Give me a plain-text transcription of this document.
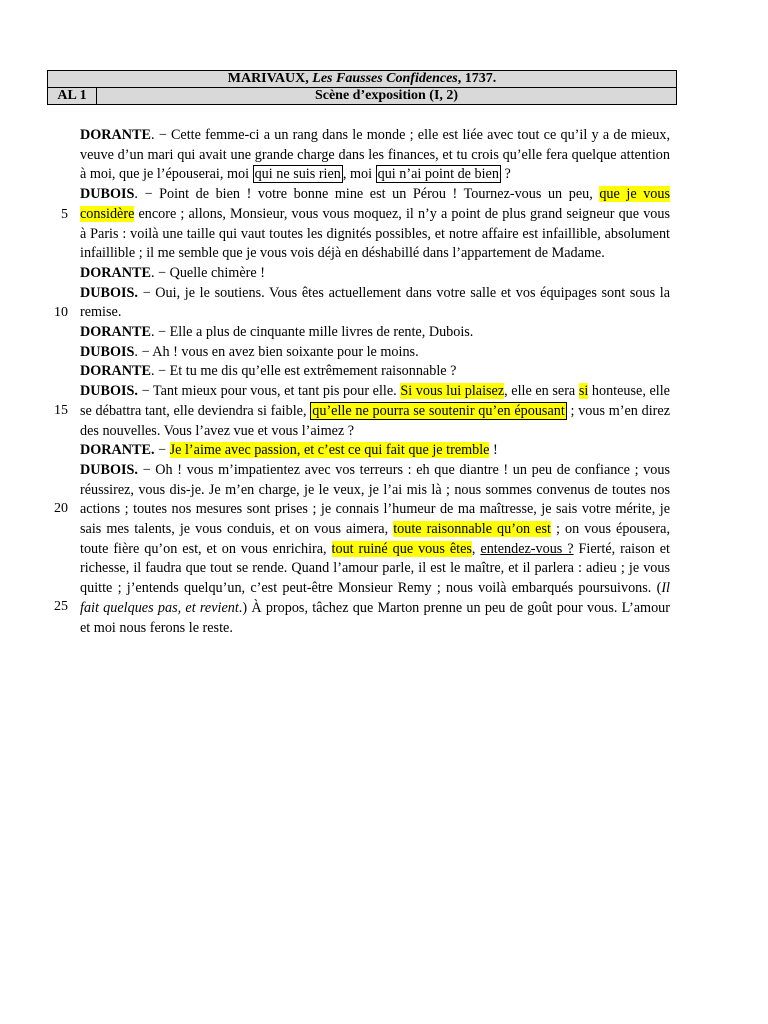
MARIVAUX, Les Fausses Confidences, 1737.
AL 1	Scène d’exposition (I, 2)
5
10
15
20
25

DORANTE. − Cette femme-ci a un rang dans le monde ; elle est liée avec tout ce qu’il y a de mieux, veuve d’un mari qui avait une grande charge dans les finances, et tu crois qu’elle fera quelque attention à moi, que je l’épouserai, moi qui ne suis rien , moi qui n’ai point de bien ?

DUBOIS. − Point de bien ! votre bonne mine est un Pérou ! Tournez-vous un peu, que je vous considère encore ; allons, Monsieur, vous vous moquez, il n’y a point de plus grand seigneur que vous à Paris : voilà une taille qui vaut toutes les dignités possibles, et notre affaire est infaillible, absolument infaillible ; il me semble que je vous vois déjà en déshabillé dans l’appartement de Madame.

DORANTE. − Quelle chimère !

DUBOIS. − Oui, je le soutiens. Vous êtes actuellement dans votre salle et vos équipages sont sous la remise.

DORANTE. − Elle a plus de cinquante mille livres de rente, Dubois.

DUBOIS. − Ah ! vous en avez bien soixante pour le moins.

DORANTE. − Et tu me dis qu’elle est extrêmement raisonnable ?

DUBOIS. − Tant mieux pour vous, et tant pis pour elle. Si vous lui plaisez, elle en sera si honteuse, elle se débattra tant, elle deviendra si faible, qu’elle ne pourra se soutenir qu’en épousant ; vous m’en direz des nouvelles. Vous l’avez vue et vous l’aimez ?

DORANTE. − Je l’aime avec passion, et c’est ce qui fait que je tremble !

DUBOIS. − Oh ! vous m’impatientez avec vos terreurs : eh que diantre ! un peu de confiance ; vous réussirez, vous dis-je. Je m’en charge, je le veux, je l’ai mis là ; nous sommes convenus de toutes nos actions ; toutes nos mesures sont prises ; je connais l’humeur de ma maîtresse, je sais votre mérite, je sais mes talents, je vous conduis, et on vous aimera, toute raisonnable qu’on est ; on vous épousera, toute fière qu’on est, et on vous enrichira, tout ruiné que vous êtes, entendez-vous ? Fierté, raison et richesse, il faudra que tout se rende. Quand l’amour parle, il est le maître, et il parlera : adieu ; je vous quitte ; j’entends quelqu’un, c’est peut-être Monsieur Remy ; nous voilà embarqués poursuivons. (Il fait quelques pas, et revient.) À propos, tâchez que Marton prenne un peu de goût pour vous. L’amour et moi nous ferons le reste.
